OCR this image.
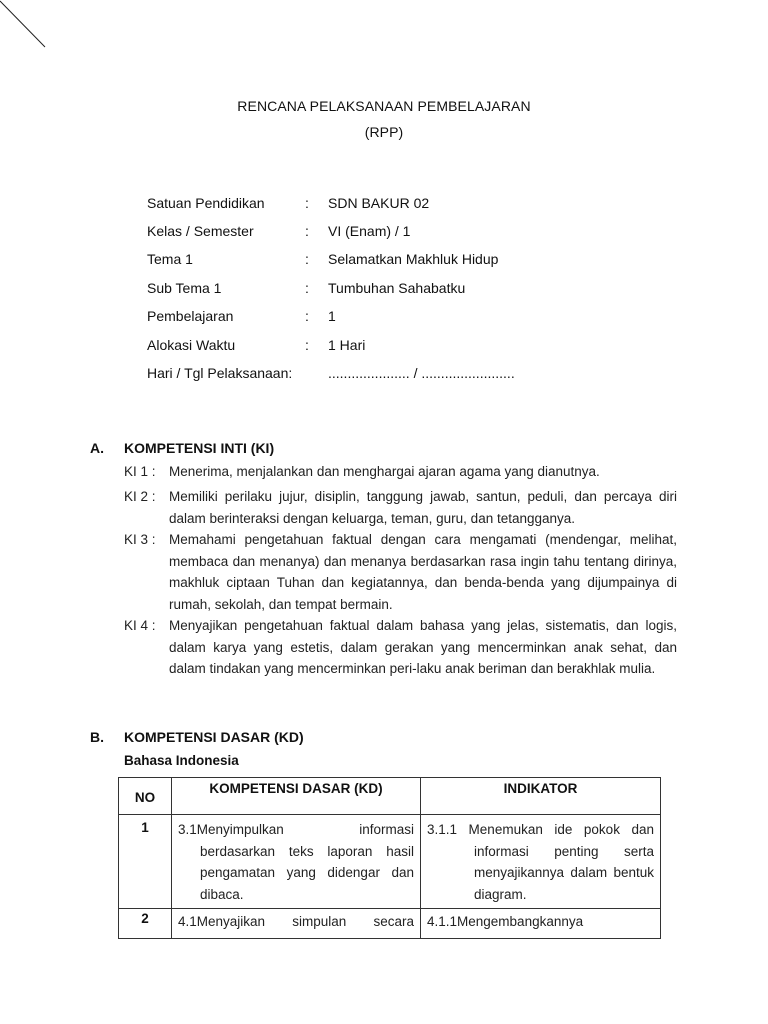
RENCANA PELAKSANAAN PEMBELAJARAN
(RPP)
Satuan Pendidikan	: SDN BAKUR 02
Kelas / Semester	: VI (Enam) / 1
Tema 1	: Selamatkan Makhluk Hidup
Sub Tema 1	: Tumbuhan Sahabatku
Pembelajaran	: 1
Alokasi Waktu	: 1 Hari
Hari / Tgl Pelaksanaan:	..................... / ........................
A. KOMPETENSI INTI (KI)
KI 1 : Menerima, menjalankan dan menghargai ajaran agama yang dianutnya.
KI 2 : Memiliki perilaku jujur, disiplin, tanggung jawab, santun, peduli, dan percaya diri dalam berinteraksi dengan keluarga, teman, guru, dan tetangganya.
KI 3 : Memahami pengetahuan faktual dengan cara mengamati (mendengar, melihat, membaca dan menanya) dan menanya berdasarkan rasa ingin tahu tentang dirinya, makhluk ciptaan Tuhan dan kegiatannya, dan benda-benda yang dijumpainya di rumah, sekolah, dan tempat bermain.
KI 4 : Menyajikan pengetahuan faktual dalam bahasa yang jelas, sistematis, dan logis, dalam karya yang estetis, dalam gerakan yang mencerminkan anak sehat, dan dalam tindakan yang mencerminkan peri-laku anak beriman dan berakhlak mulia.
B. KOMPETENSI DASAR (KD)
Bahasa Indonesia
NO	KOMPETENSI DASAR (KD)	INDIKATOR
1	3.1Menyimpulkan informasi berdasarkan teks laporan hasil pengamatan yang didengar dan dibaca.	3.1.1 Menemukan ide pokok dan informasi penting serta menyajikannya dalam bentuk diagram.

2	4.1Menyajikan simpulan secara	4.1.1Mengembangkannya
